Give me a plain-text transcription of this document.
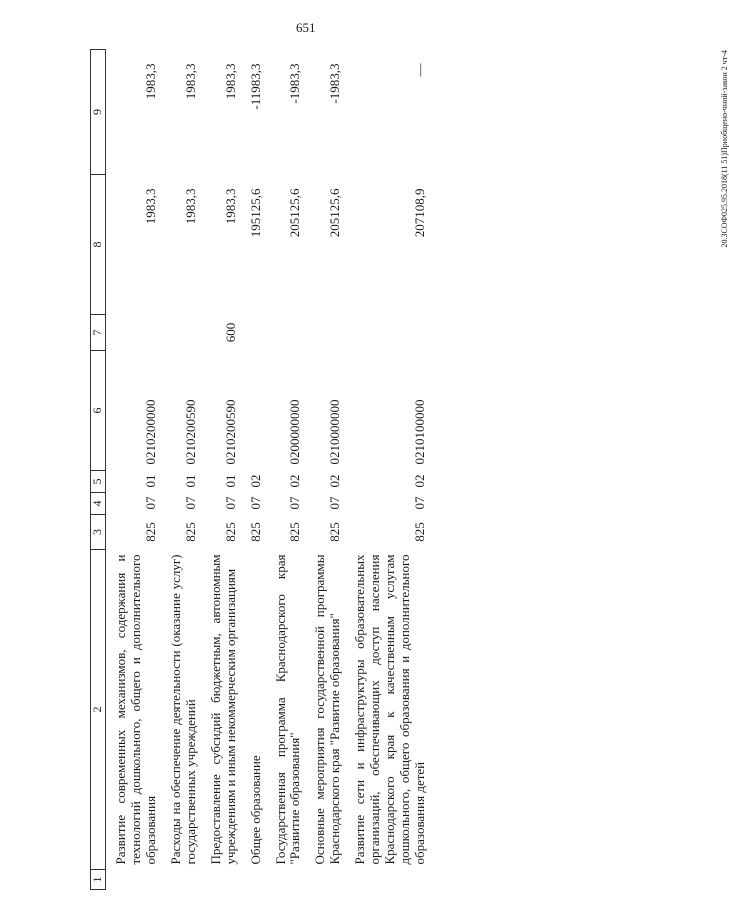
651
1	2	3	4	5	6	7	8	9
	Развитие современных механизмов, содержания и технологий дошкольного, общего и дополнительного образования	825	07	01	0210200000		1983,3	1983,3
	Расходы на обеспечение деятельности (оказание услуг) государственных учреждений	825	07	01	0210200590		1983,3	1983,3
	Предоставление субсидий бюджетным, автономным учреждениям и иным некоммерческим организациям	825	07	01	0210200590	600	1983,3	1983,3
	Общее образование	825	07	02			195125,6	-11983,3
	Государственная программа Краснодарского края "Развитие образования"	825	07	02	0200000000		205125,6	-1983,3
	Основные мероприятия государственной программы Краснодарского края "Развитие образования"	825	07	02	0210000000		205125,6	-1983,3
	Развитие сети и инфраструктуры образовательных организаций, обеспечивающих доступ населения Краснодарского края к качественным услугам дошкольного, общего образования и дополнительного образования детей	825	07	02	0210100000		207108,9	—	20.3СОФ025.95.2018(11 51)Приобщено-чний-закон 2 чт-4
